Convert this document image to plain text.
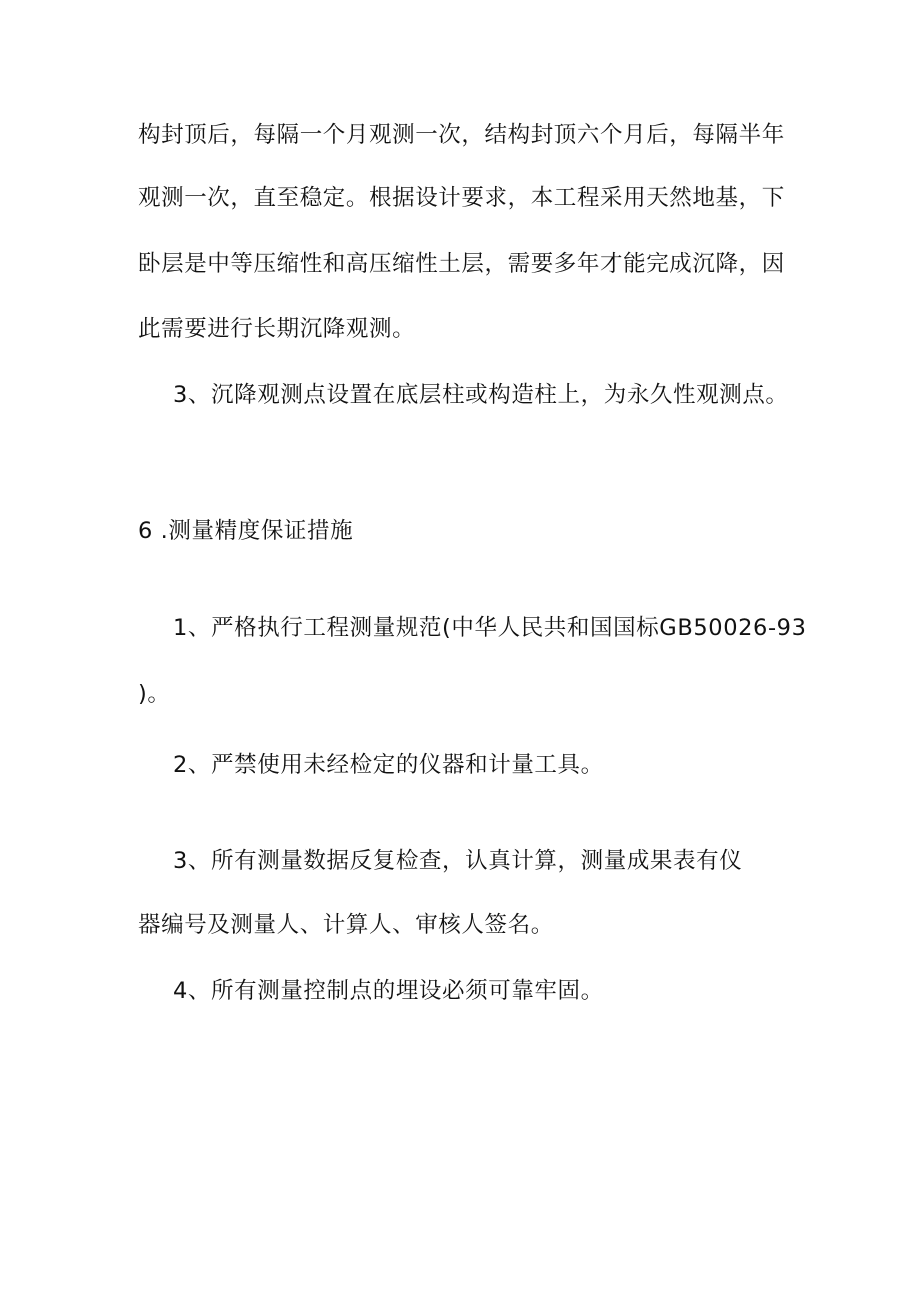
构封顶后，每隔一个月观测一次，结构封顶六个月后，每隔半年
观测一次，直至稳定。根据设计要求，本工程采用天然地基，下
卧层是中等压缩性和高压缩性土层，需要多年才能完成沉降，因
此需要进行长期沉降观测。
3、沉降观测点设置在底层柱或构造柱上，为永久性观测点。
6 .测量精度保证措施
1、严格执行工程测量规范(中华人民共和国国标GB50026-93
)。
2、严禁使用未经检定的仪器和计量工具。
3、所有测量数据反复检查，认真计算，测量成果表有仪
器编号及测量人、计算人、审核人签名。
4、所有测量控制点的埋设必须可靠牢固。
